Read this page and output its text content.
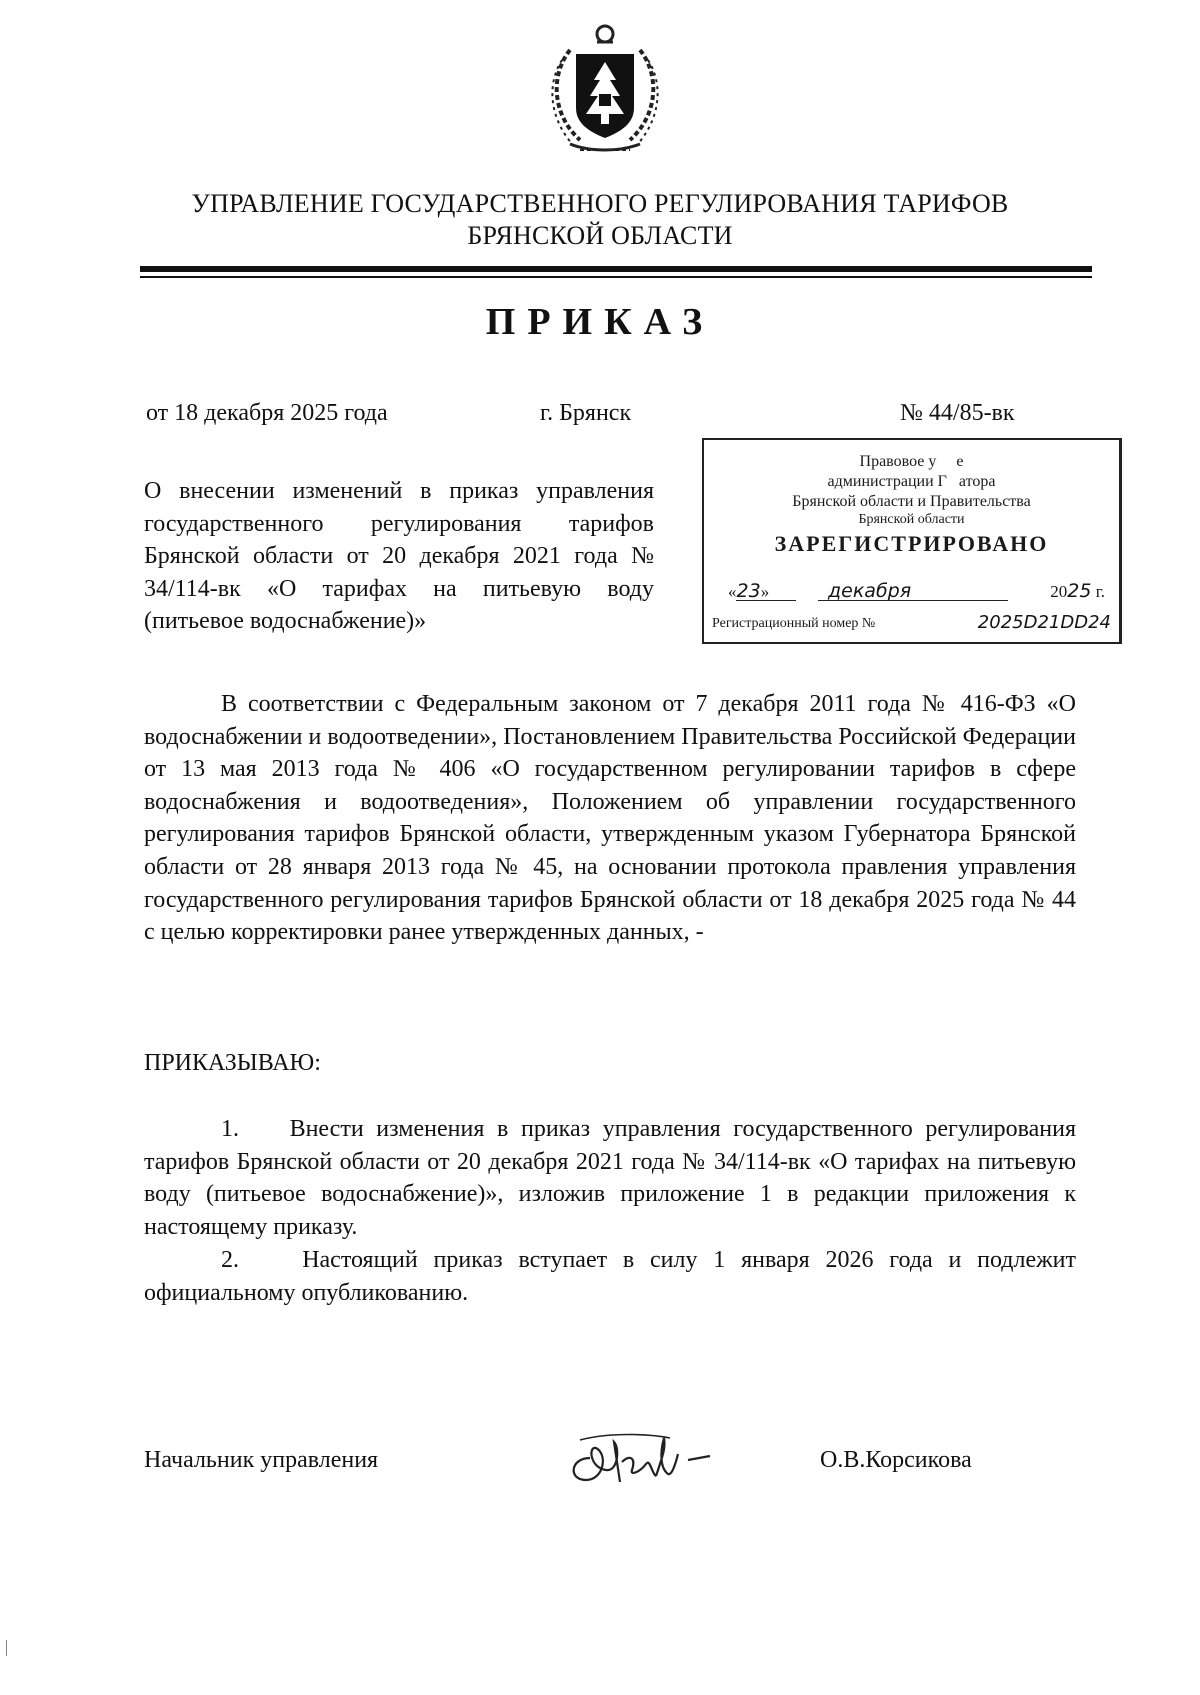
УПРАВЛЕНИЕ ГОСУДАРСТВЕННОГО РЕГУЛИРОВАНИЯ ТАРИФОВ
БРЯНСКОЙ ОБЛАСТИ
ПРИКАЗ
от 18 декабря 2025 года	г. Брянск	№ 44/85-вк
О внесении изменений в приказ управления государственного регулирования тарифов Брянской области от 20 декабря 2021 года № 34/114-вк «О тарифах на питьевую воду (питьевое водоснабжение)»
Правовое у е
администрации Г атора
Брянской области и Правительства
Брянской области
ЗАРЕГИСТРИРОВАНО
«23»	декабря	2025 г.
Регистрационный номер №	2025D21DD24
В соответствии с Федеральным законом от 7 декабря 2011 года № 416-ФЗ «О водоснабжении и водоотведении», Постановлением Правительства Российской Федерации от 13 мая 2013 года № 406 «О государственном регулировании тарифов в сфере водоснабжения и водоотведения», Положением об управлении государственного регулирования тарифов Брянской области, утвержденным указом Губернатора Брянской области от 28 января 2013 года № 45, на основании протокола правления управления государственного регулирования тарифов Брянской области от 18 декабря 2025 года № 44 с целью корректировки ранее утвержденных данных, -
ПРИКАЗЫВАЮ:
1. Внести изменения в приказ управления государственного регулирования тарифов Брянской области от 20 декабря 2021 года № 34/114-вк «О тарифах на питьевую воду (питьевое водоснабжение)», изложив приложение 1 в редакции приложения к настоящему приказу.
2.	Настоящий приказ вступает в силу 1 января 2026 года и подлежит официальному опубликованию.
Начальник управления	О.В.Корсикова
